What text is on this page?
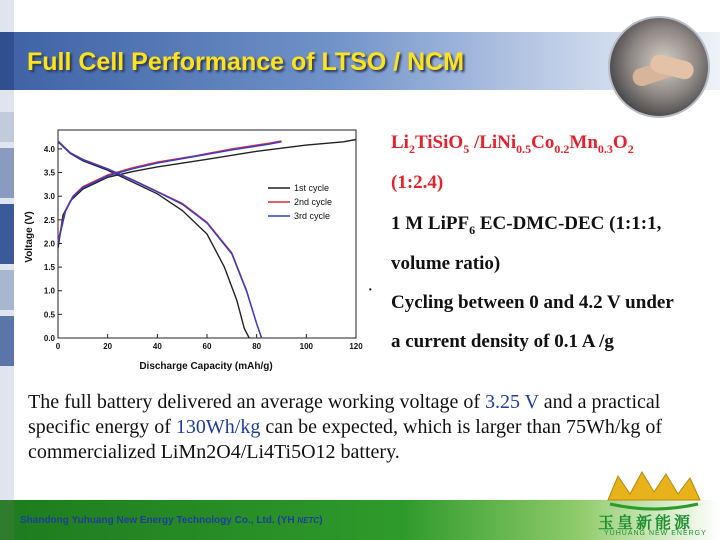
Full Cell Performance of LTSO / NCM
Voltage (V)
Discharge Capacity (mAh/g)
0	20	40	60	80	100	120
0.0
0.5
1.0
1.5
2.0
2.5
3.0
3.5
4.0
1st cycle
2nd cycle
3rd cycle
$Li_2TiSiO_5$ $/LiNi_{0.5}Co_{0.2}Mn_{0.3}O_2$
(1:2.4)
1 M LiPF$_6$ EC-DMC-DEC (1:1:1,
volume ratio)
·
Cycling between 0 and 4.2 V under
a current density of 0.1 A /g
The full battery delivered an average working voltage of 3.25 V and a practical specific energy of 130Wh/kg can be expected, which is larger than 75Wh/kg of commercialized LiMn2O4/Li4Ti5O12 battery.
Shandong Yuhuang New Energy Technology Co., Ltd. (YH NETC)	玉皇新能源
YUHUANG NEW ENERGY
